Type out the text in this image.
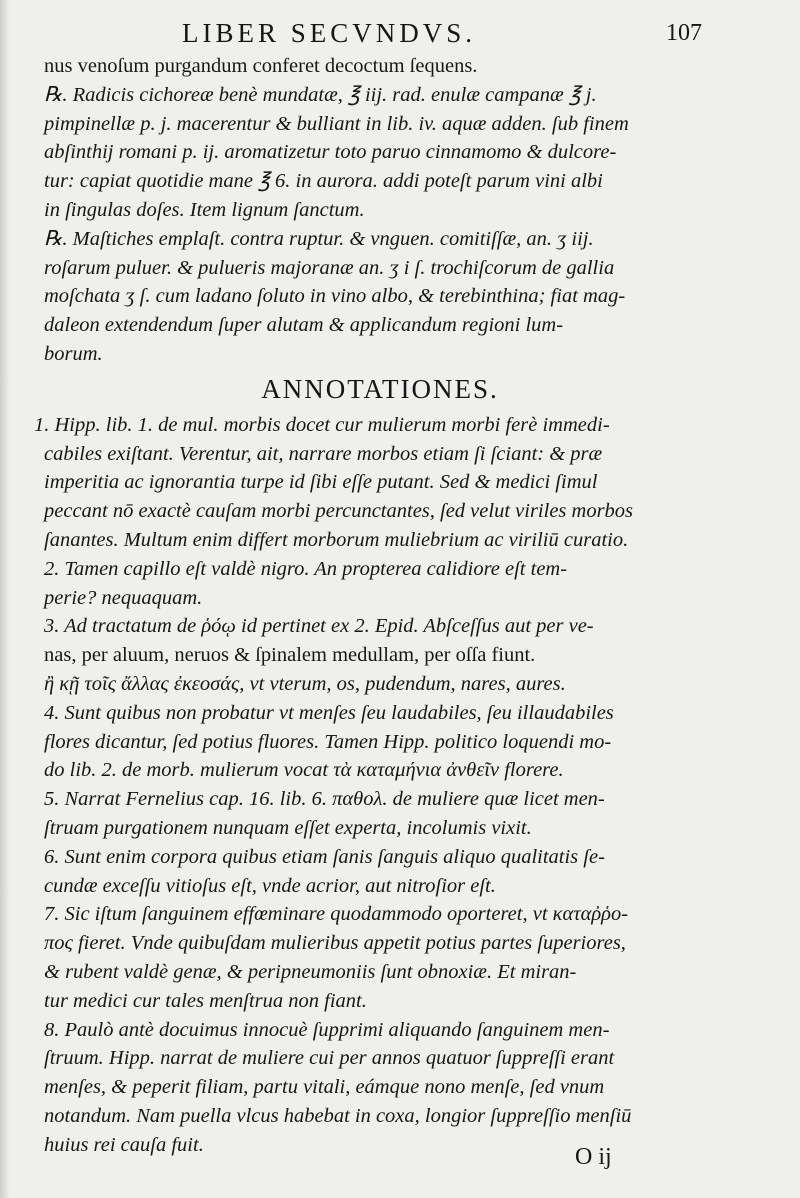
LIBER SECVNDVS.	107
nus venoſum purgandum conferet decoctum ſequens.
℞. Radicis cichoreæ benè mundatæ, ℥ iij. rad. enulæ campanæ ℥ j.
pimpinellæ p. j. macerentur & bulliant in lib. iv. aquæ adden. ſub finem
abſinthij romani p. ij. aromatizetur toto paruo cinnamomo & dulcore-
tur: capiat quotidie mane ℥ 6. in aurora. addi poteſt parum vini albi
in ſingulas doſes. Item lignum ſanctum.
℞. Maſtiches emplaſt. contra ruptur. & vnguen. comitiſſæ, an. ʒ iij.
roſarum puluer. & pulueris majoranæ an. ʒ i ſ. trochiſcorum de gallia
moſchata ʒ ſ. cum ladano ſoluto in vino albo, & terebinthina; fiat mag-
daleon extendendum ſuper alutam & applicandum regioni lum-
borum.
ANNOTATIONES.
1. Hipp. lib. 1. de mul. morbis docet cur mulierum morbi ferè immedi-
cabiles exiſtant. Verentur, ait, narrare morbos etiam ſi ſciant: & præ
imperitia ac ignorantia turpe id ſibi eſſe putant. Sed & medici ſimul
peccant nō exactè cauſam morbi percunctantes, ſed velut viriles morbos
ſanantes. Multum enim differt morborum muliebrium ac viriliū curatio.
2. Tamen capillo eſt valdè nigro. An propterea calidiore eſt tem-
perie? nequaquam.
3. Ad tractatum de ῥόῳ id pertinet ex 2. Epid. Abſceſſus aut per ve-
nas, per aluum, neruos & ſpinalem medullam, per oſſa fiunt.
ἢ κῇ τοῖς ἄλλας ἐκεοσάς, vt vterum, os, pudendum, nares, aures.
4. Sunt quibus non probatur vt menſes ſeu laudabiles, ſeu illaudabiles
flores dicantur, ſed potius fluores. Tamen Hipp. politico loquendi mo-
do lib. 2. de morb. mulierum vocat τὰ καταμήνια ἀνθεῖν florere.
5. Narrat Fernelius cap. 16. lib. 6. παθολ. de muliere quæ licet men-
ſtruam purgationem nunquam eſſet experta, incolumis vixit.
6. Sunt enim corpora quibus etiam ſanis ſanguis aliquo qualitatis ſe-
cundæ exceſſu vitioſus eſt, vnde acrior, aut nitroſior eſt.
7. Sic iſtum ſanguinem effœminare quodammodo oporteret, vt καταῤῥο-
πος fieret. Vnde quibuſdam mulieribus appetit potius partes ſuperiores,
& rubent valdè genæ, & peripneumoniis ſunt obnoxiæ. Et miran-
tur medici cur tales menſtrua non fiant.
8. Paulò antè docuimus innocuè ſupprimi aliquando ſanguinem men-
ſtruum. Hipp. narrat de muliere cui per annos quatuor ſuppreſſi erant
menſes, & peperit filiam, partu vitali, eámque nono menſe, ſed vnum
notandum. Nam puella vlcus habebat in coxa, longior ſuppreſſio menſiū
huius rei cauſa fuit.	O ij
